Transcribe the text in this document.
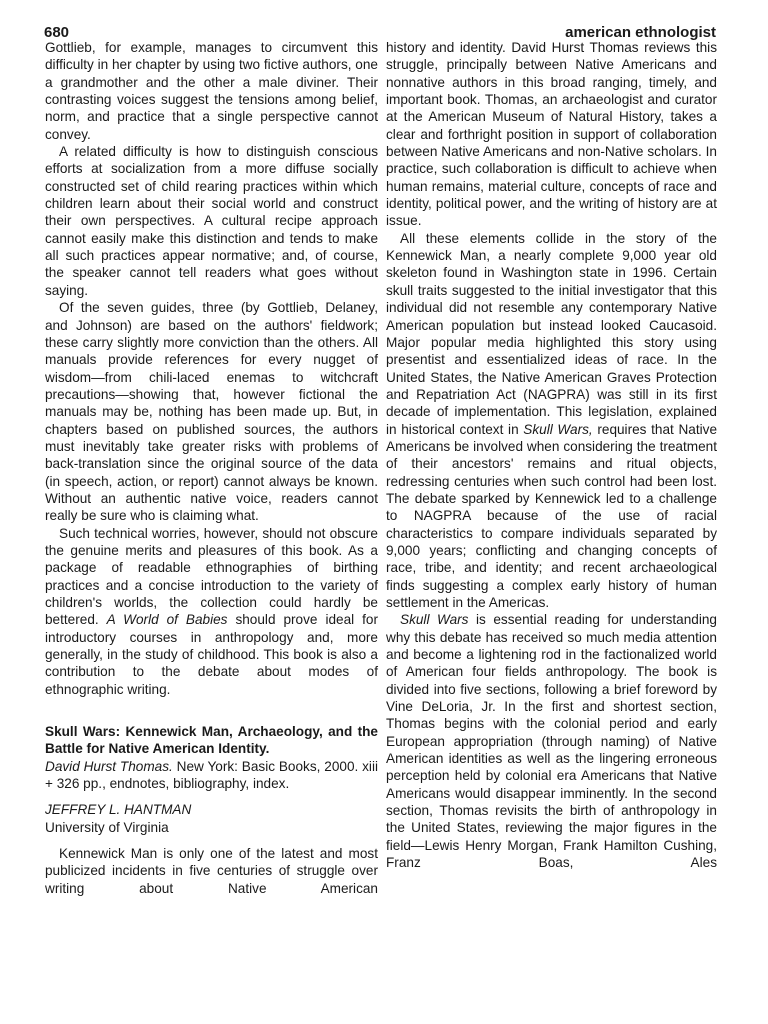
680	american ethnologist

Gottlieb, for example, manages to circumvent this difficulty in her chapter by using two fictive authors, one a grandmother and the other a male diviner. Their contrasting voices suggest the tensions among belief, norm, and practice that a single perspective cannot convey.

A related difficulty is how to distinguish conscious efforts at socialization from a more diffuse socially constructed set of child rearing practices within which children learn about their social world and construct their own perspectives. A cultural recipe approach cannot easily make this distinction and tends to make all such practices appear normative; and, of course, the speaker cannot tell readers what goes without saying.

Of the seven guides, three (by Gottlieb, Delaney, and Johnson) are based on the authors' fieldwork; these carry slightly more conviction than the others. All manuals provide references for every nugget of wisdom—from chili-laced enemas to witchcraft precautions—showing that, however fictional the manuals may be, nothing has been made up. But, in chapters based on published sources, the authors must inevitably take greater risks with problems of back-translation since the original source of the data (in speech, action, or report) cannot always be known. Without an authentic native voice, readers cannot really be sure who is claiming what.

Such technical worries, however, should not obscure the genuine merits and pleasures of this book. As a package of readable ethnographies of birthing practices and a concise introduction to the variety of children's worlds, the collection could hardly be bettered. A World of Babies should prove ideal for introductory courses in anthropology and, more generally, in the study of childhood. This book is also a contribution to the debate about modes of ethnographic writing.

Skull Wars: Kennewick Man, Archaeology, and the Battle for Native American Identity.

David Hurst Thomas. New York: Basic Books, 2000. xiii + 326 pp., endnotes, bibliography, index.

JEFFREY L. HANTMAN

University of Virginia

Kennewick Man is only one of the latest and most publicized incidents in five centuries of struggle over writing about Native American

history and identity. David Hurst Thomas reviews this struggle, principally between Native Americans and nonnative authors in this broad ranging, timely, and important book. Thomas, an archaeologist and curator at the American Museum of Natural History, takes a clear and forthright position in support of collaboration between Native Americans and non-Native scholars. In practice, such collaboration is difficult to achieve when human remains, material culture, concepts of race and identity, political power, and the writing of history are at issue.

All these elements collide in the story of the Kennewick Man, a nearly complete 9,000 year old skeleton found in Washington state in 1996. Certain skull traits suggested to the initial investigator that this individual did not resemble any contemporary Native American population but instead looked Caucasoid. Major popular media highlighted this story using presentist and essentialized ideas of race. In the United States, the Native American Graves Protection and Repatriation Act (NAGPRA) was still in its first decade of implementation. This legislation, explained in historical context in Skull Wars, requires that Native Americans be involved when considering the treatment of their ancestors' remains and ritual objects, redressing centuries when such control had been lost. The debate sparked by Kennewick led to a challenge to NAGPRA because of the use of racial characteristics to compare individuals separated by 9,000 years; conflicting and changing concepts of race, tribe, and identity; and recent archaeological finds suggesting a complex early history of human settlement in the Americas.

Skull Wars is essential reading for understanding why this debate has received so much media attention and become a lightening rod in the factionalized world of American four fields anthropology. The book is divided into five sections, following a brief foreword by Vine DeLoria, Jr. In the first and shortest section, Thomas begins with the colonial period and early European appropriation (through naming) of Native American identities as well as the lingering erroneous perception held by colonial era Americans that Native Americans would disappear imminently. In the second section, Thomas revisits the birth of anthropology in the United States, reviewing the major figures in the field—Lewis Henry Morgan, Frank Hamilton Cushing, Franz Boas, Ales
